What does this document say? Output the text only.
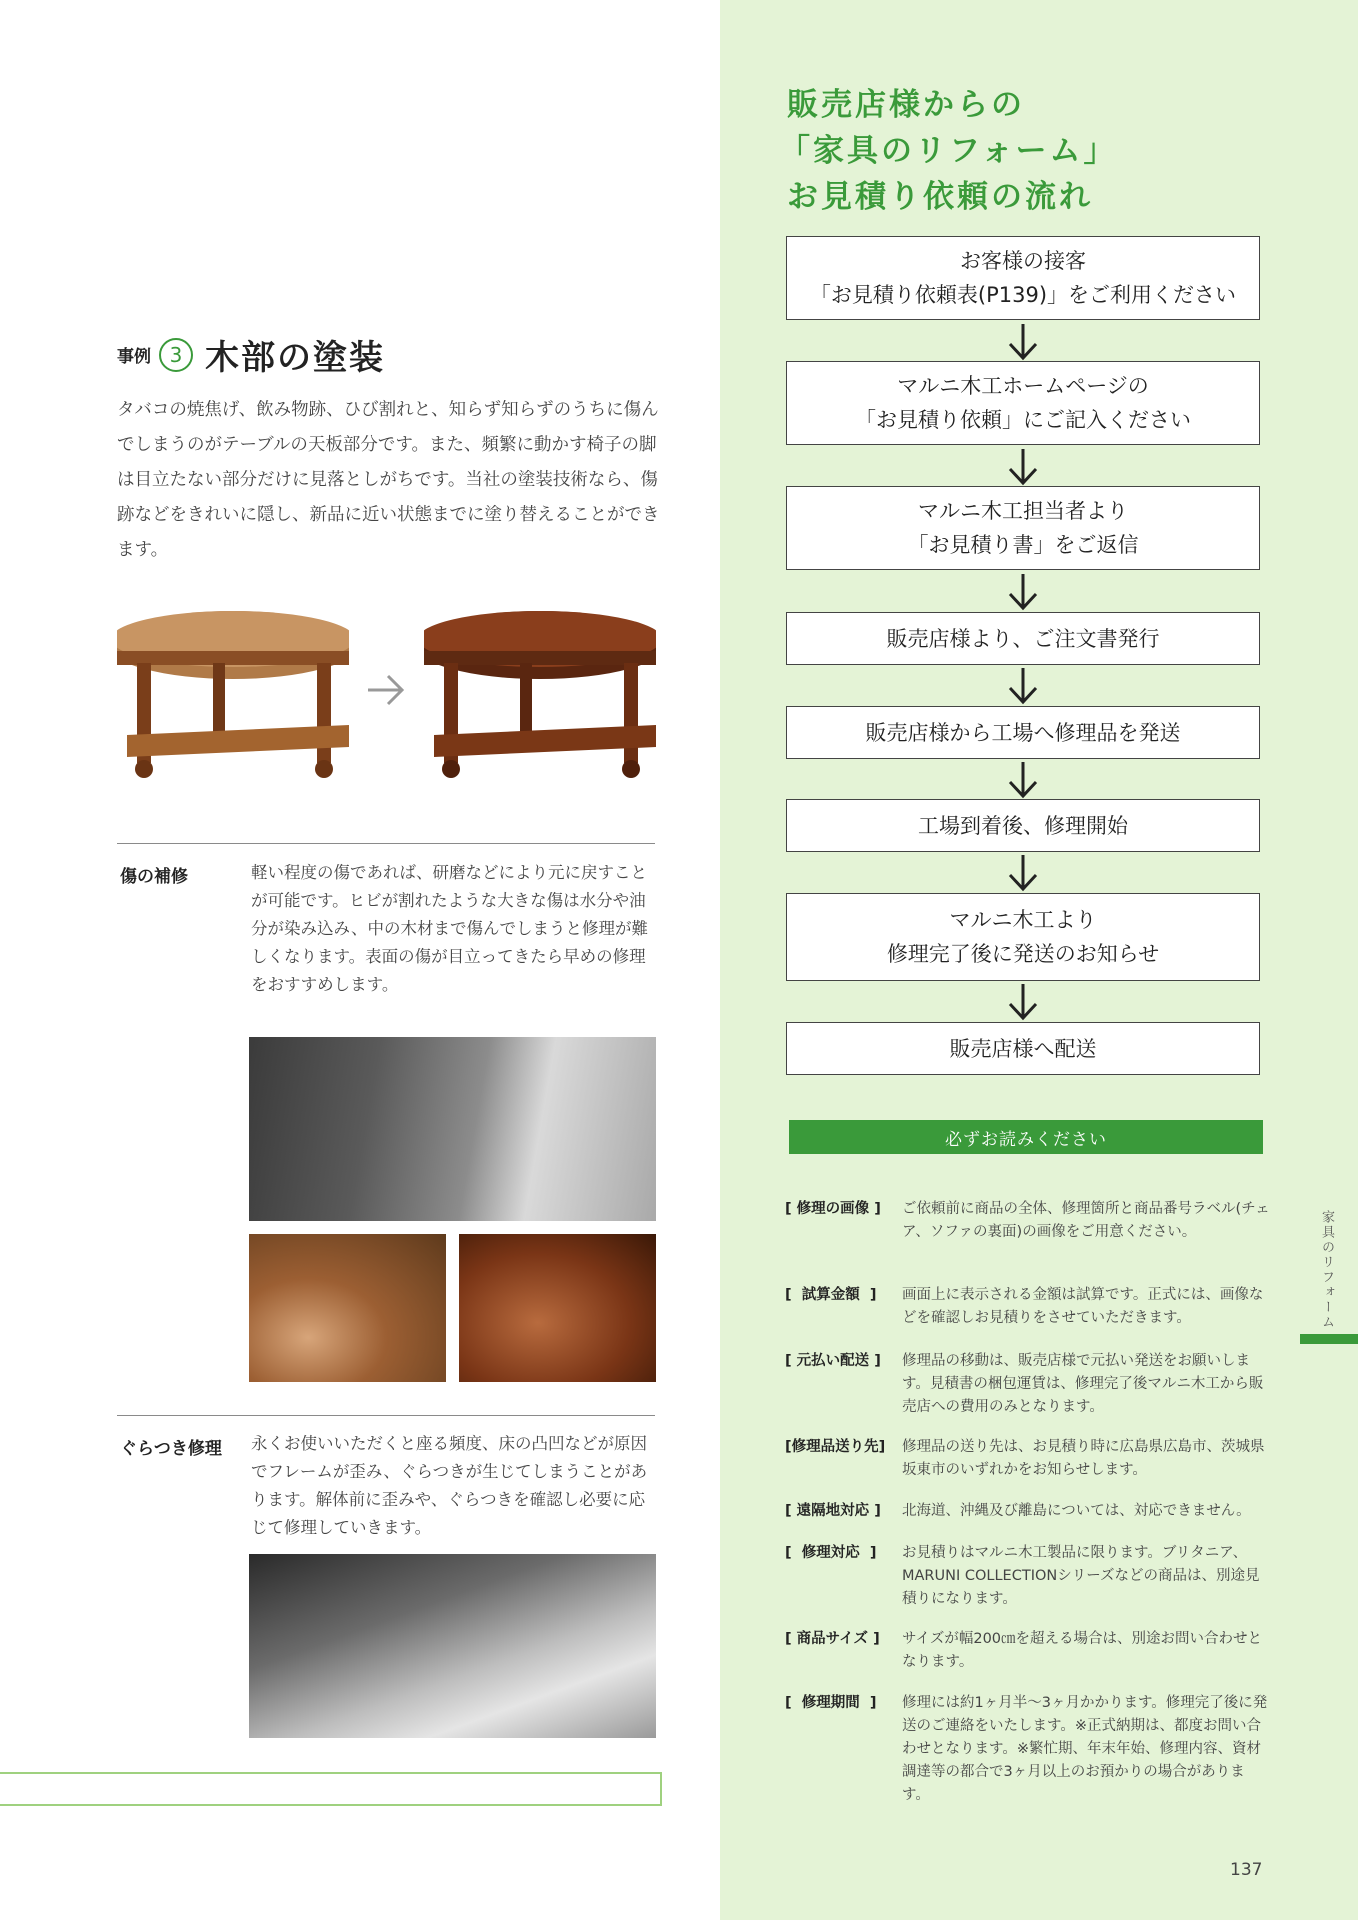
事例 3 木部の塗装
タバコの焼焦げ、飲み物跡、ひび割れと、知らず知らずのうちに傷んでしまうのがテーブルの天板部分です。また、頻繁に動かす椅子の脚は目立たない部分だけに見落としがちです。当社の塗装技術なら、傷跡などをきれいに隠し、新品に近い状態までに塗り替えることができます。
傷の補修	軽い程度の傷であれば、研磨などにより元に戻すことが可能です。ヒビが割れたような大きな傷は水分や油分が染み込み、中の木材まで傷んでしまうと修理が難しくなります。表面の傷が目立ってきたら早めの修理をおすすめします。
ぐらつき修理 永くお使いいただくと座る頻度、床の凸凹などが原因でフレームが歪み、ぐらつきが生じてしまうことがあります。解体前に歪みや、ぐらつきを確認し必要に応じて修理していきます。
販売店様からの
「家具のリフォーム」
お見積り依頼の流れ
お客様の接客
「お見積り依頼表(P139)」をご利用ください
マルニ木工ホームページの
「お見積り依頼」にご記入ください
マルニ木工担当者より
「お見積り書」をご返信
販売店様より、ご注文書発行
販売店様から工場へ修理品を発送
工場到着後、修理開始
マルニ木工より
修理完了後に発送のお知らせ
販売店様へ配送
必ずお読みください
[ 修理の画像 ]	ご依頼前に商品の全体、修理箇所と商品番号ラベル(チェア、ソファの裏面)の画像をご用意ください。
[  試算金額  ]	画面上に表示される金額は試算です。正式には、画像などを確認しお見積りをさせていただきます。
[ 元払い配送 ]	修理品の移動は、販売店様で元払い発送をお願いします。見積書の梱包運賃は、修理完了後マルニ木工から販売店への費用のみとなります。
[修理品送り先]	修理品の送り先は、お見積り時に広島県広島市、茨城県坂東市のいずれかをお知らせします。
[ 遠隔地対応 ]	北海道、沖縄及び離島については、対応できません。
[  修理対応  ]	お見積りはマルニ木工製品に限ります。ブリタニア、MARUNI COLLECTIONシリーズなどの商品は、別途見積りになります。
[ 商品サイズ ]	サイズが幅200㎝を超える場合は、別途お問い合わせとなります。
[  修理期間  ]	修理には約1ヶ月半～3ヶ月かかります。修理完了後に発送のご連絡をいたします。※正式納期は、都度お問い合わせとなります。※繁忙期、年末年始、修理内容、資材調達等の都合で3ヶ月以上のお預かりの場合があります。
家具のリフォーム
137
